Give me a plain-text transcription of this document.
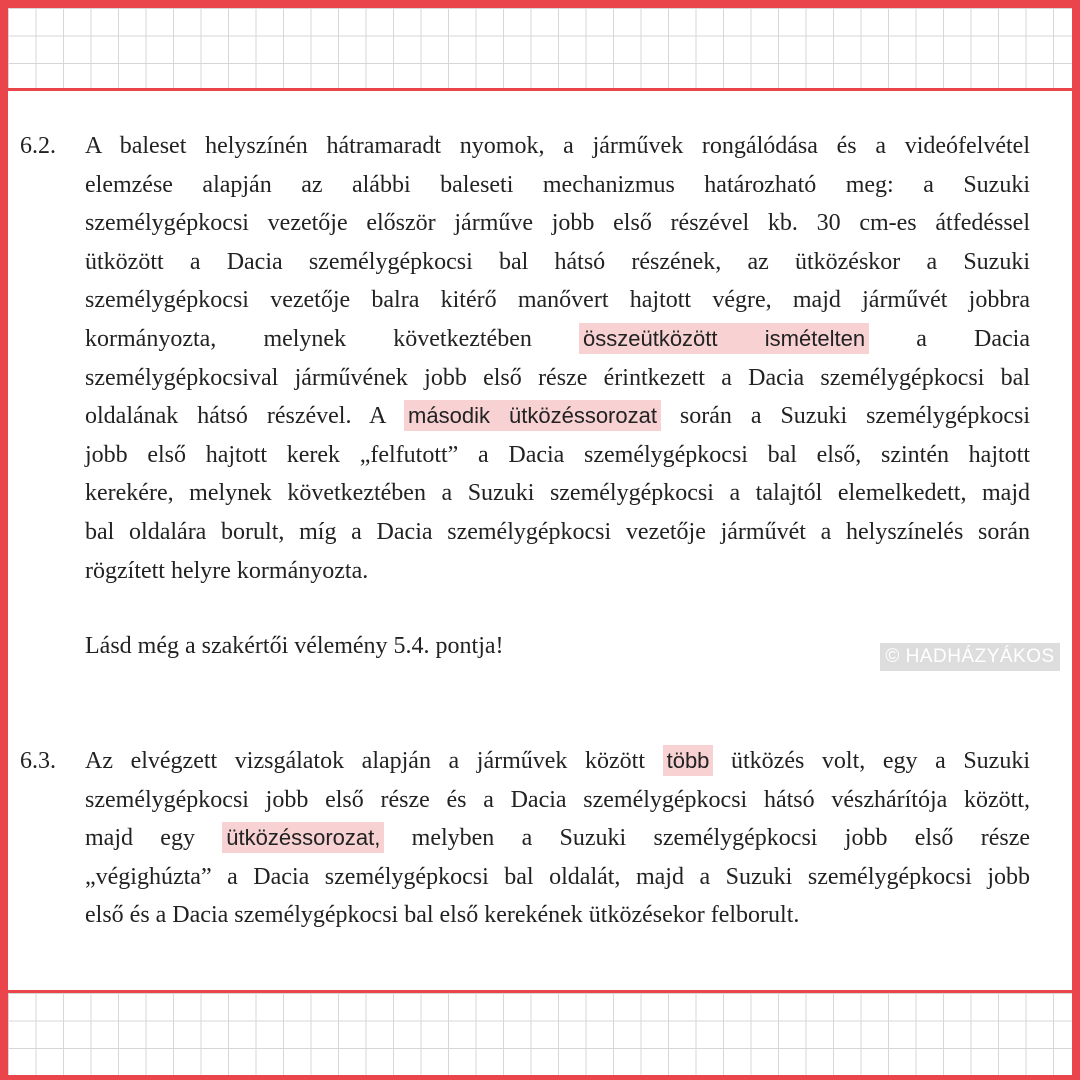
6.2.	A baleset helyszínén hátramaradt nyomok, a járművek rongálódása és a videófelvétel
elemzése alapján az alábbi baleseti mechanizmus határozható meg: a Suzuki
személygépkocsi vezetője először járműve jobb első részével kb. 30 cm-es átfedéssel
ütközött a Dacia személygépkocsi bal hátsó részének, az ütközéskor a Suzuki
személygépkocsi vezetője balra kitérő manővert hajtott végre, majd járművét jobbra
kormányozta, melynek következtében összeütközött ismételten a Dacia
személygépkocsival járművének jobb első része érintkezett a Dacia személygépkocsi bal
oldalának hátsó részével. A második ütközéssorozat során a Suzuki személygépkocsi
jobb első hajtott kerek „felfutott” a Dacia személygépkocsi bal első, szintén hajtott
kerekére, melynek következtében a Suzuki személygépkocsi a talajtól elemelkedett, majd
bal oldalára borult, míg a Dacia személygépkocsi vezetője járművét a helyszínelés során
rögzített helyre kormányozta.
Lásd még a szakértői vélemény 5.4. pontja!	© HADHÁZYÁKOS
6.3.	Az elvégzett vizsgálatok alapján a járművek között több ütközés volt, egy a Suzuki
személygépkocsi jobb első része és a Dacia személygépkocsi hátsó vészhárítója között,
majd egy ütközéssorozat, melyben a Suzuki személygépkocsi jobb első része
„végighúzta” a Dacia személygépkocsi bal oldalát, majd a Suzuki személygépkocsi jobb
első és a Dacia személygépkocsi bal első kerekének ütközésekor felborult.
